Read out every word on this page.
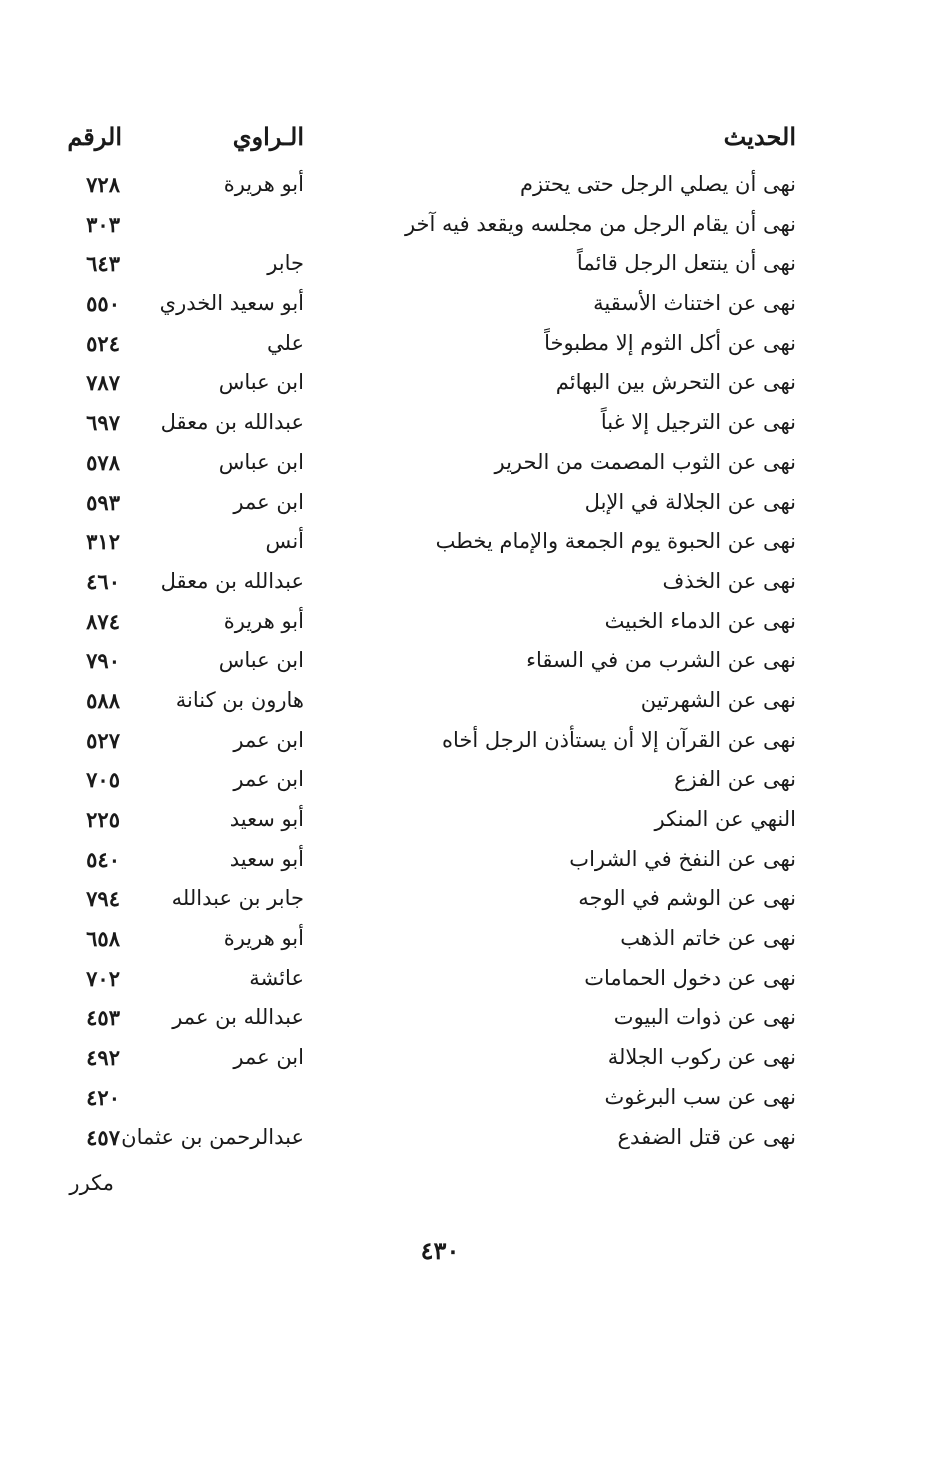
الحديث
الـراوي
الرقم
نهى أن يصلي الرجل حتى يحتزم
أبو هريرة
٧٢٨
نهى أن يقام الرجل من مجلسه ويقعد فيه آخر
٣٠٣
نهى أن ينتعل الرجل قائماً
جابر
٦٤٣
نهى عن اختناث الأسقية
أبو سعيد الخدري
٥٥٠
نهى عن أكل الثوم إلا مطبوخاً
علي
٥٢٤
نهى عن التحرش بين البهائم
ابن عباس
٧٨٧
نهى عن الترجيل إلا غباً
عبدالله بن معقل
٦٩٧
نهى عن الثوب المصمت من الحرير
ابن عباس
٥٧٨
نهى عن الجلالة في الإبل
ابن عمر
٥٩٣
نهى عن الحبوة يوم الجمعة والإمام يخطب
أنس
٣١٢
نهى عن الخذف
عبدالله بن معقل
٤٦٠
نهى عن الدماء الخبيث
أبو هريرة
٨٧٤
نهى عن الشرب من في السقاء
ابن عباس
٧٩٠
نهى عن الشهرتين
هارون بن كنانة
٥٨٨
نهى عن القرآن إلا أن يستأذن الرجل أخاه
ابن عمر
٥٢٧
نهى عن الفزع
ابن عمر
٧٠٥
النهي عن المنكر
أبو سعيد
٢٢٥
نهى عن النفخ في الشراب
أبو سعيد
٥٤٠
نهى عن الوشم في الوجه
جابر بن عبدالله
٧٩٤
نهى عن خاتم الذهب
أبو هريرة
٦٥٨
نهى عن دخول الحمامات
عائشة
٧٠٢
نهى عن ذوات البيوت
عبدالله بن عمر
٤٥٣
نهى عن ركوب الجلالة
ابن عمر
٤٩٢
نهى عن سب البرغوث
٤٢٠
نهى عن قتل الضفدع
عبدالرحمن بن عثمان
٤٥٧
مكرر
٤٣٠
